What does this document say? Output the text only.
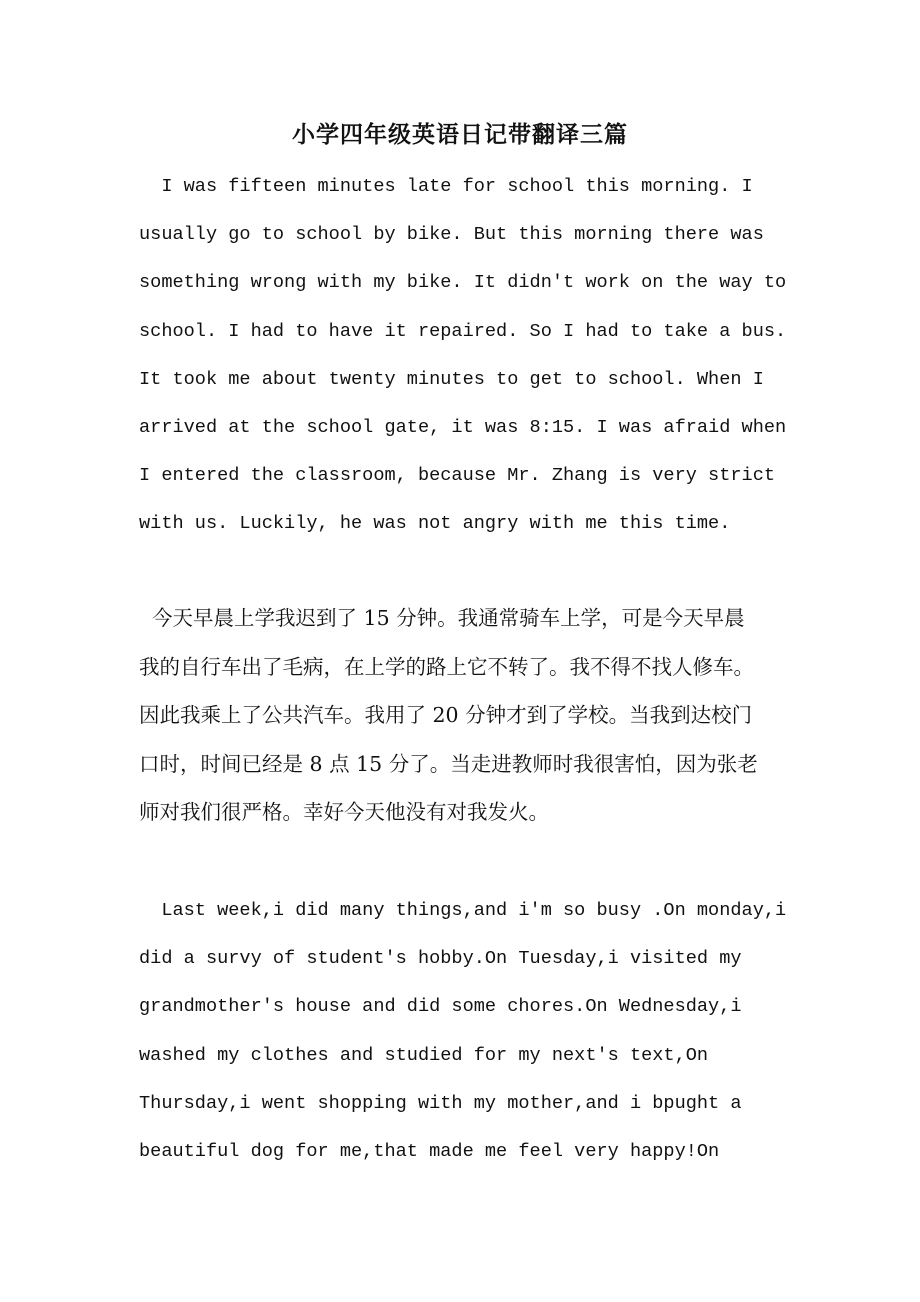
小学四年级英语日记带翻译三篇
I was fifteen minutes late for school this morning. I
usually go to school by bike. But this morning there was
something wrong with my bike. It didn't work on the way to
school. I had to have it repaired. So I had to take a bus.
It took me about twenty minutes to get to school. When I
arrived at the school gate, it was 8:15. I was afraid when
I entered the classroom, because Mr. Zhang is very strict
with us. Luckily, he was not angry with me this time.
今天早晨上学我迟到了 15 分钟。我通常骑车上学，可是今天早晨
我的自行车出了毛病，在上学的路上它不转了。我不得不找人修车。
因此我乘上了公共汽车。我用了 20 分钟才到了学校。当我到达校门
口时，时间已经是 8 点 15 分了。当走进教师时我很害怕，因为张老
师对我们很严格。幸好今天他没有对我发火。
Last week,i did many things,and i'm so busy .On monday,i
did a survy of student's hobby.On Tuesday,i visited my
grandmother's house and did some chores.On Wednesday,i
washed my clothes and studied for my next's text,On
Thursday,i went shopping with my mother,and i bpught a
beautiful dog for me,that made me feel very happy!On
